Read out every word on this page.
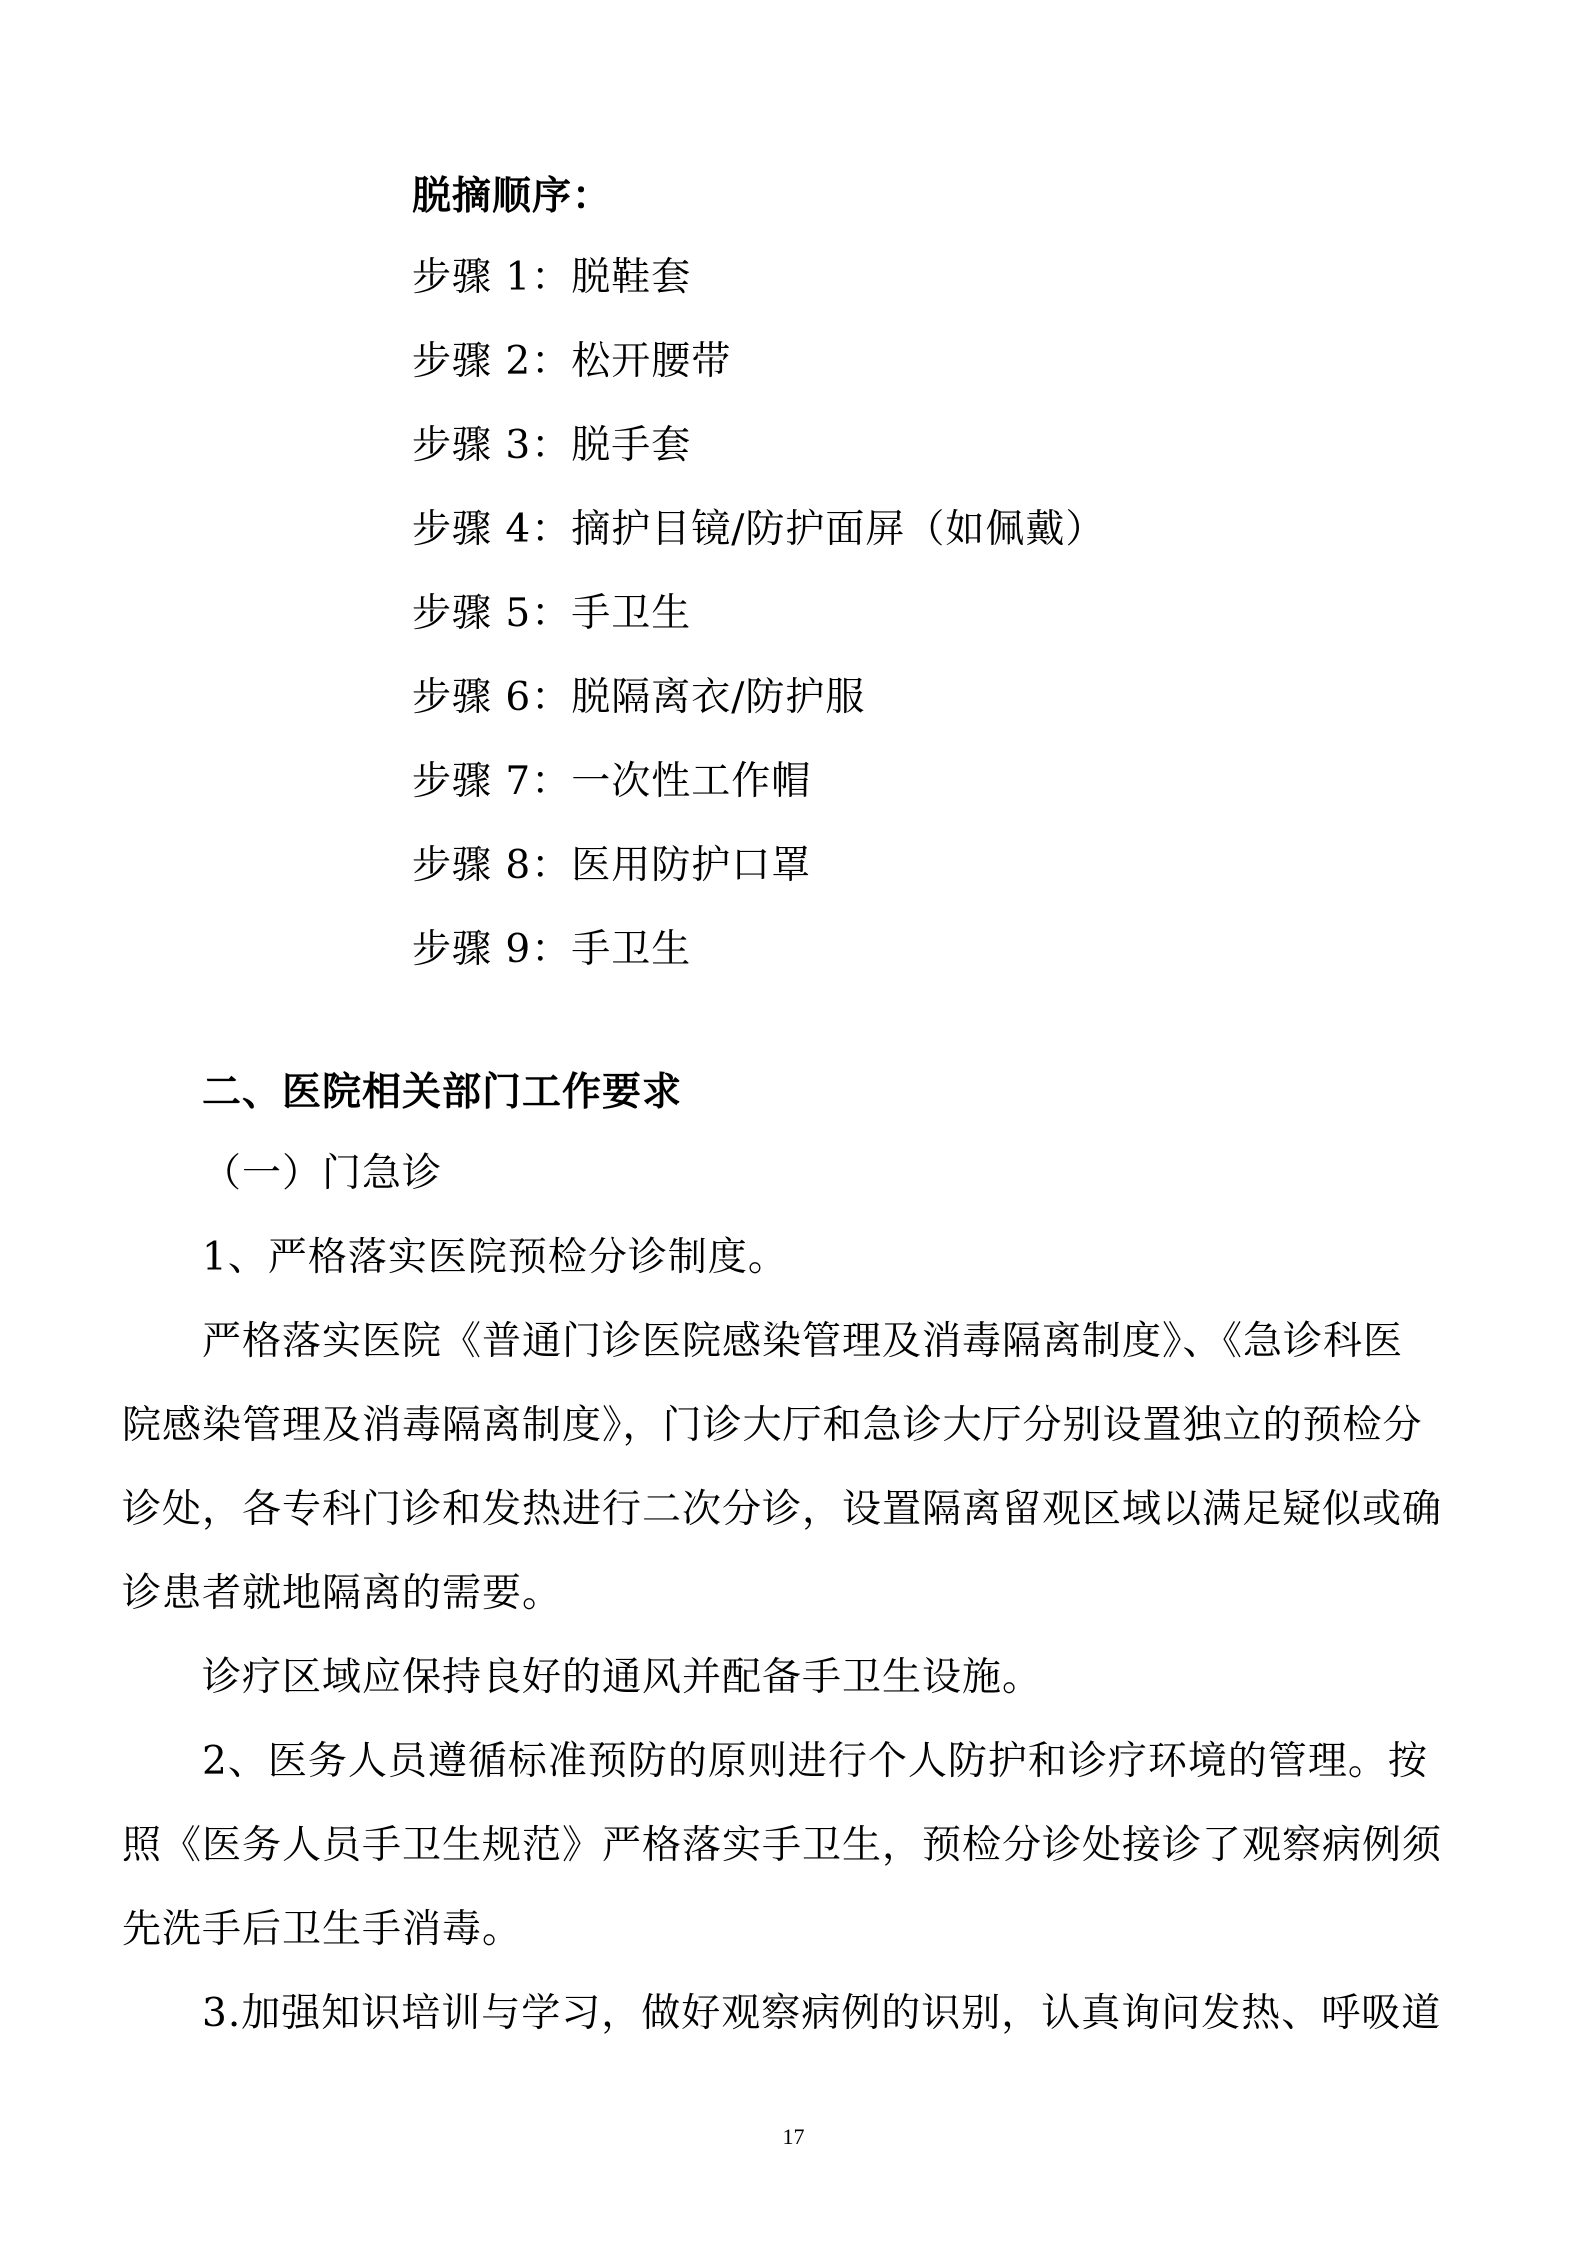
脱摘顺序：
步骤 1：脱鞋套
步骤 2：松开腰带
步骤 3：脱手套
步骤 4：摘护目镜/防护面屏（如佩戴）
步骤 5：手卫生
步骤 6：脱隔离衣/防护服
步骤 7：一次性工作帽
步骤 8：医用防护口罩
步骤 9：手卫生
二、医院相关部门工作要求
（一）门急诊
1、严格落实医院预检分诊制度。
严格落实医院《普通门诊医院感染管理及消毒隔离制度》、《急诊科医
院感染管理及消毒隔离制度》，门诊大厅和急诊大厅分别设置独立的预检分
诊处，各专科门诊和发热进行二次分诊，设置隔离留观区域以满足疑似或确
诊患者就地隔离的需要。
诊疗区域应保持良好的通风并配备手卫生设施。
2、医务人员遵循标准预防的原则进行个人防护和诊疗环境的管理。按
照《医务人员手卫生规范》严格落实手卫生，预检分诊处接诊了观察病例须
先洗手后卫生手消毒。
3.加强知识培训与学习，做好观察病例的识别，认真询问发热、呼吸道
17
